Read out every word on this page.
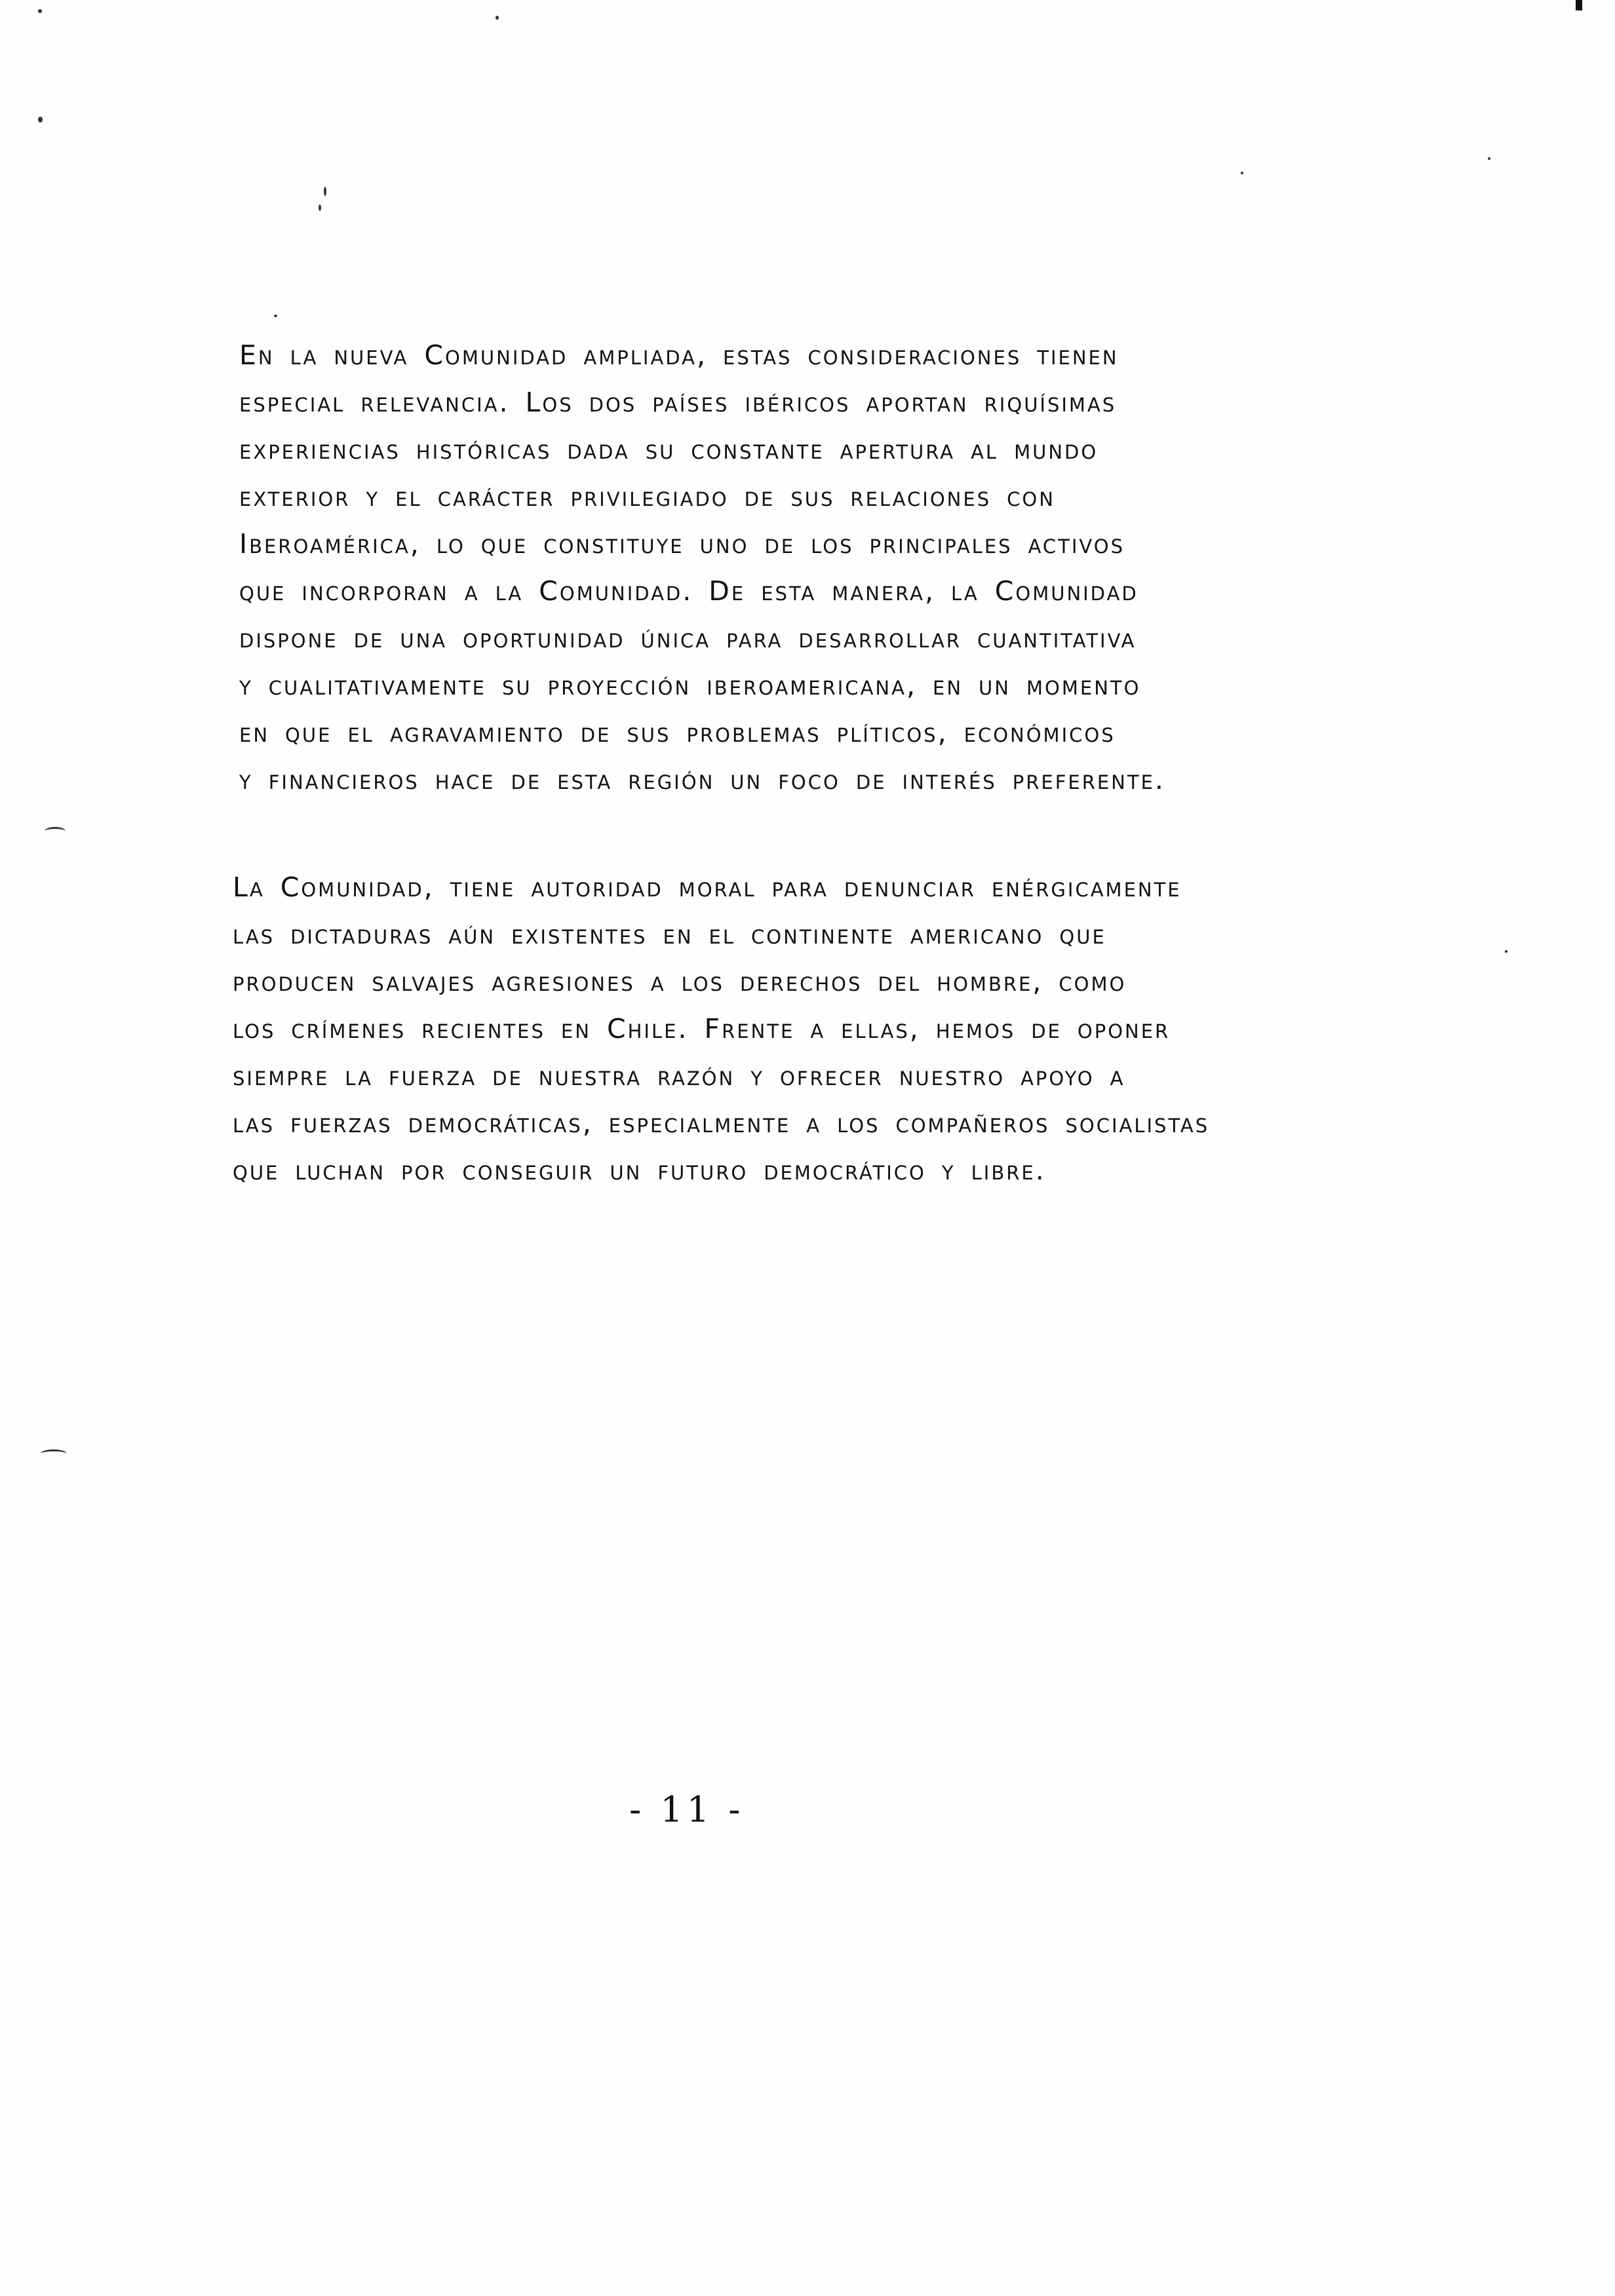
En la nueva Comunidad ampliada, estas consideraciones tienen
especial relevancia. Los dos países ibéricos aportan riquísimas
experiencias históricas dada su constante apertura al mundo
exterior y el carácter privilegiado de sus relaciones con
Iberoamérica, lo que constituye uno de los principales activos
que incorporan a la Comunidad. De esta manera, la Comunidad
dispone de una oportunidad única para desarrollar cuantitativa
y cualitativamente su proyección iberoamericana, en un momento
en que el agravamiento de sus problemas plíticos, económicos
y financieros hace de esta región un foco de interés preferente.
La Comunidad, tiene autoridad moral para denunciar enérgicamente
las dictaduras aún existentes en el continente americano que
producen salvajes agresiones a los derechos del hombre, como
los crímenes recientes en Chile. Frente a ellas, hemos de oponer
siempre la fuerza de nuestra razón y ofrecer nuestro apoyo a
las fuerzas democráticas, especialmente a los compañeros socialistas
que luchan por conseguir un futuro democrático y libre.
- 11 -
